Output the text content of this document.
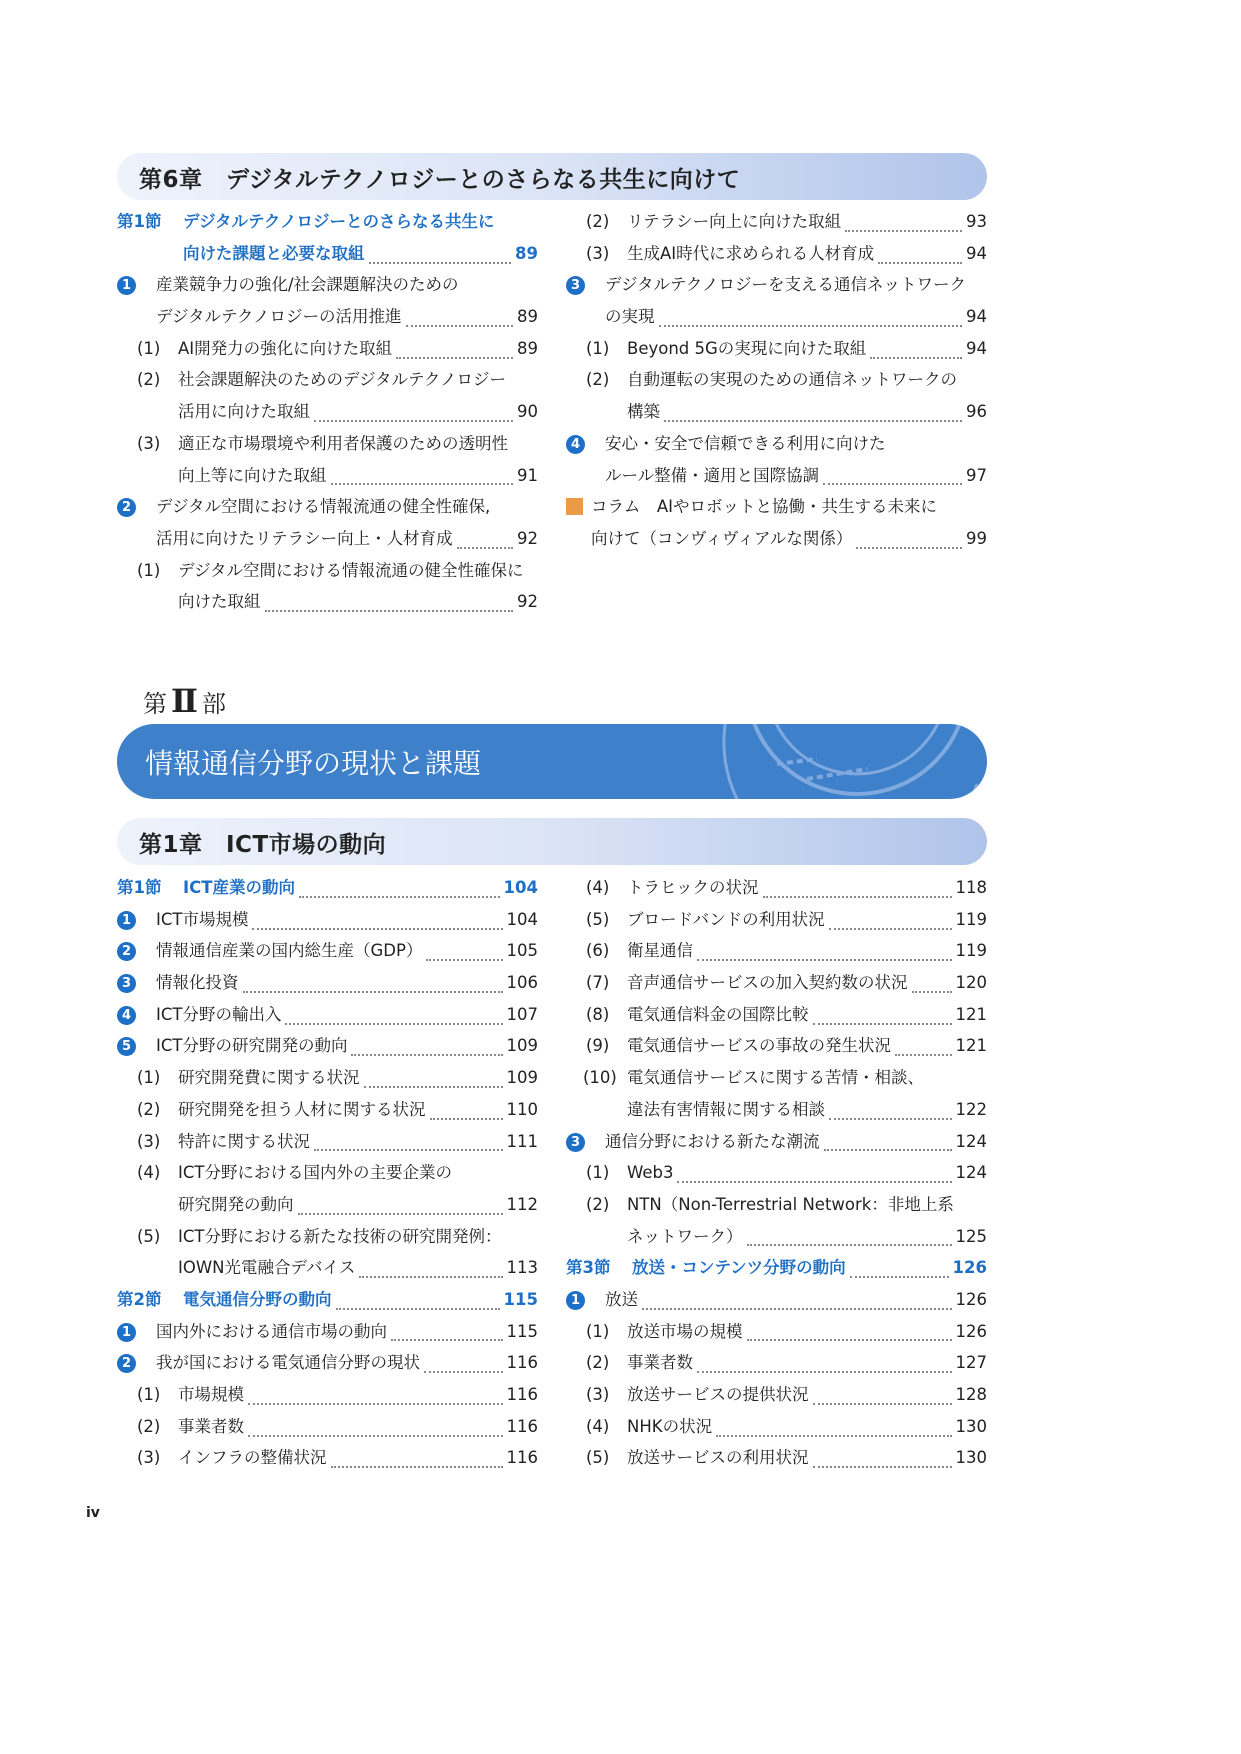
第6章　デジタルテクノロジーとのさらなる共生に向けて
第1節 デジタルテクノロジーとのさらなる共生に
向けた課題と必要な取組	89
1	産業競争力の強化/社会課題解決のための
デジタルテクノロジーの活用推進	89
(1) AI開発力の強化に向けた取組	89
(2) 社会課題解決のためのデジタルテクノロジー
活用に向けた取組	90
(3) 適正な市場環境や利用者保護のための透明性
向上等に向けた取組	91
2	デジタル空間における情報流通の健全性確保,
活用に向けたリテラシー向上・人材育成	92
(1) デジタル空間における情報流通の健全性確保に
向けた取組	92
(2) リテラシー向上に向けた取組	93
(3) 生成AI時代に求められる人材育成	94
3	デジタルテクノロジーを支える通信ネットワーク
の実現	94
(1) Beyond 5Gの実現に向けた取組	94
(2) 自動運転の実現のための通信ネットワークの
構築	96
4	安心・安全で信頼できる利用に向けた
ルール整備・適用と国際協調	97
コラム　AIやロボットと協働・共生する未来に
向けて（コンヴィヴィアルな関係）	99
第 Ⅱ 部
情報通信分野の現状と課題
第1章　ICT市場の動向
第1節 ICT産業の動向	104
1	ICT市場規模	104
2	情報通信産業の国内総生産（GDP）	105
3	情報化投資	106
4	ICT分野の輸出入	107
5	ICT分野の研究開発の動向	109
(1) 研究開発費に関する状況	109
(2) 研究開発を担う人材に関する状況	110
(3) 特許に関する状況	111
(4) ICT分野における国内外の主要企業の
研究開発の動向	112
(5) ICT分野における新たな技術の研究開発例：
IOWN光電融合デバイス	113
第2節 電気通信分野の動向	115
1	国内外における通信市場の動向	115
2	我が国における電気通信分野の現状	116
(1) 市場規模	116
(2) 事業者数	116
(3) インフラの整備状況	116
(4) トラヒックの状況	118
(5) ブロードバンドの利用状況	119
(6) 衛星通信	119
(7) 音声通信サービスの加入契約数の状況	120
(8) 電気通信料金の国際比較	121
(9) 電気通信サービスの事故の発生状況	121
(10) 電気通信サービスに関する苦情・相談、
違法有害情報に関する相談	122
3	通信分野における新たな潮流	124
(1) Web3	124
(2) NTN（Non-Terrestrial Network：非地上系
ネットワーク）	125
第3節 放送・コンテンツ分野の動向	126
1	放送	126
(1) 放送市場の規模	126
(2) 事業者数	127
(3) 放送サービスの提供状況	128
(4) NHKの状況	130
(5) 放送サービスの利用状況	130
iv
